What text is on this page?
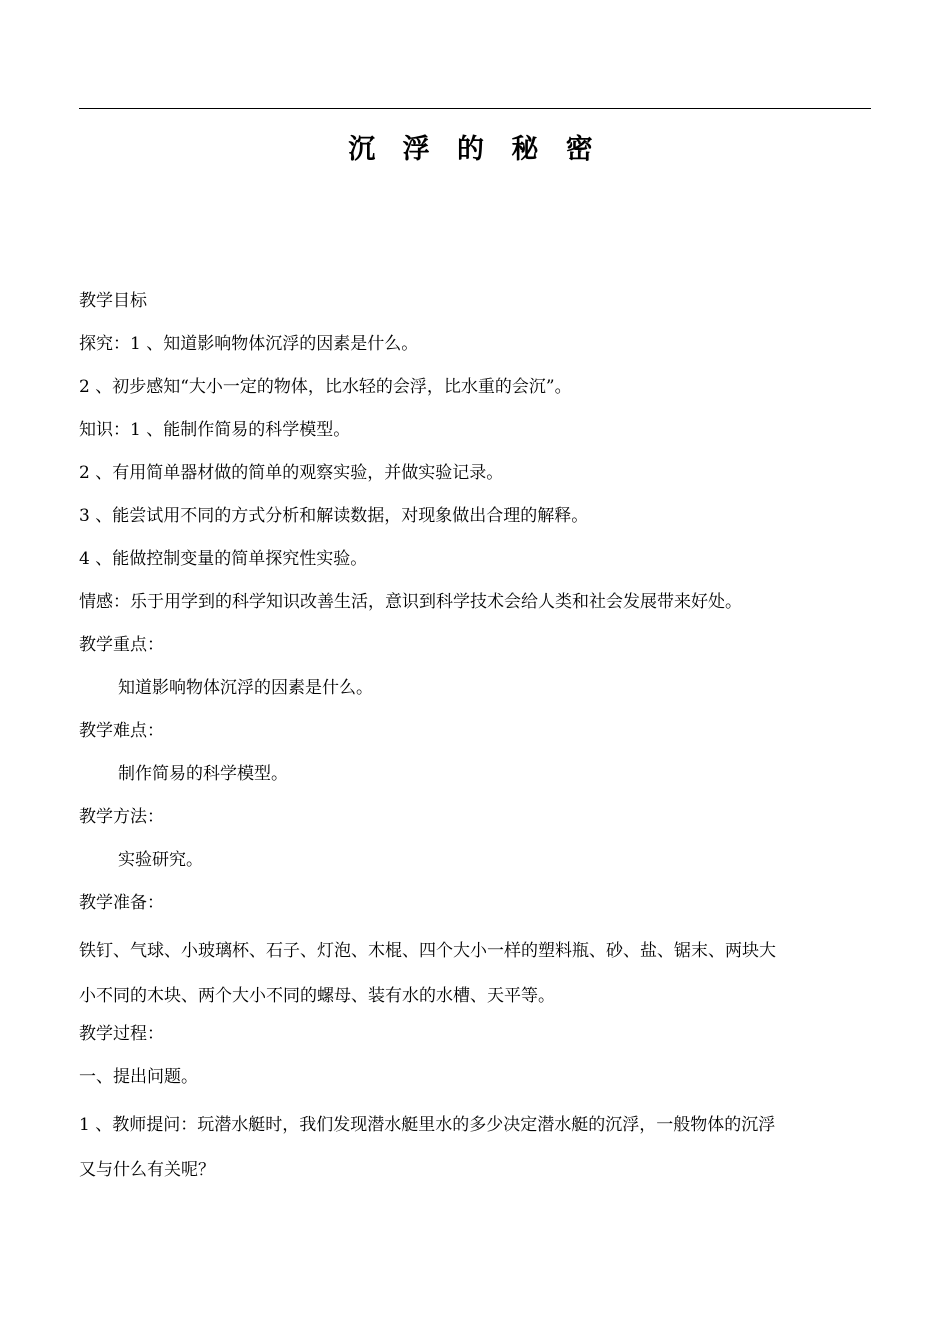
沉 浮 的 秘 密
教学目标
探究：1 、知道影响物体沉浮的因素是什么。
2 、初步感知“大小一定的物体，比水轻的会浮，比水重的会沉”。
知识：1 、能制作简易的科学模型。
2 、有用简单器材做的简单的观察实验，并做实验记录。
3 、能尝试用不同的方式分析和解读数据，对现象做出合理的解释。
4 、能做控制变量的简单探究性实验。
情感：乐于用学到的科学知识改善生活，意识到科学技术会给人类和社会发展带来好处。
教学重点：
知道影响物体沉浮的因素是什么。
教学难点：
制作简易的科学模型。
教学方法：
实验研究。
教学准备：
铁钉、气球、小玻璃杯、石子、灯泡、木棍、四个大小一样的塑料瓶、砂、盐、锯末、两块大
小不同的木块、两个大小不同的螺母、装有水的水槽、天平等。
教学过程：
一、提出问题。
1 、教师提问：玩潜水艇时，我们发现潜水艇里水的多少决定潜水艇的沉浮，一般物体的沉浮
又与什么有关呢？
